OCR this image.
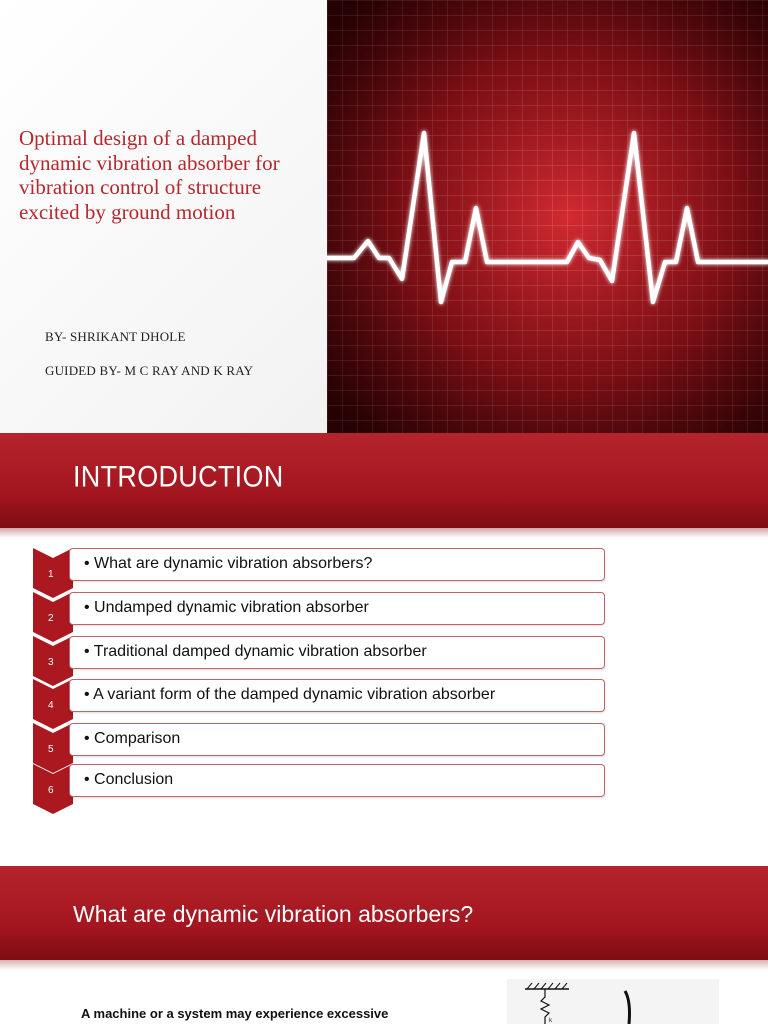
Optimal design of a damped dynamic vibration absorber for vibration control of structure excited by ground motion
BY- SHRIKANT DHOLE
GUIDED BY- M C RAY AND K RAY
INTRODUCTION
1
• What are dynamic vibration absorbers?
2
• Undamped dynamic vibration absorber
3
• Traditional damped dynamic vibration absorber
4
• A variant form of the damped dynamic vibration absorber
5
• Comparison
6
• Conclusion
What are dynamic vibration absorbers?
A machine or a system may experience excessive	k
